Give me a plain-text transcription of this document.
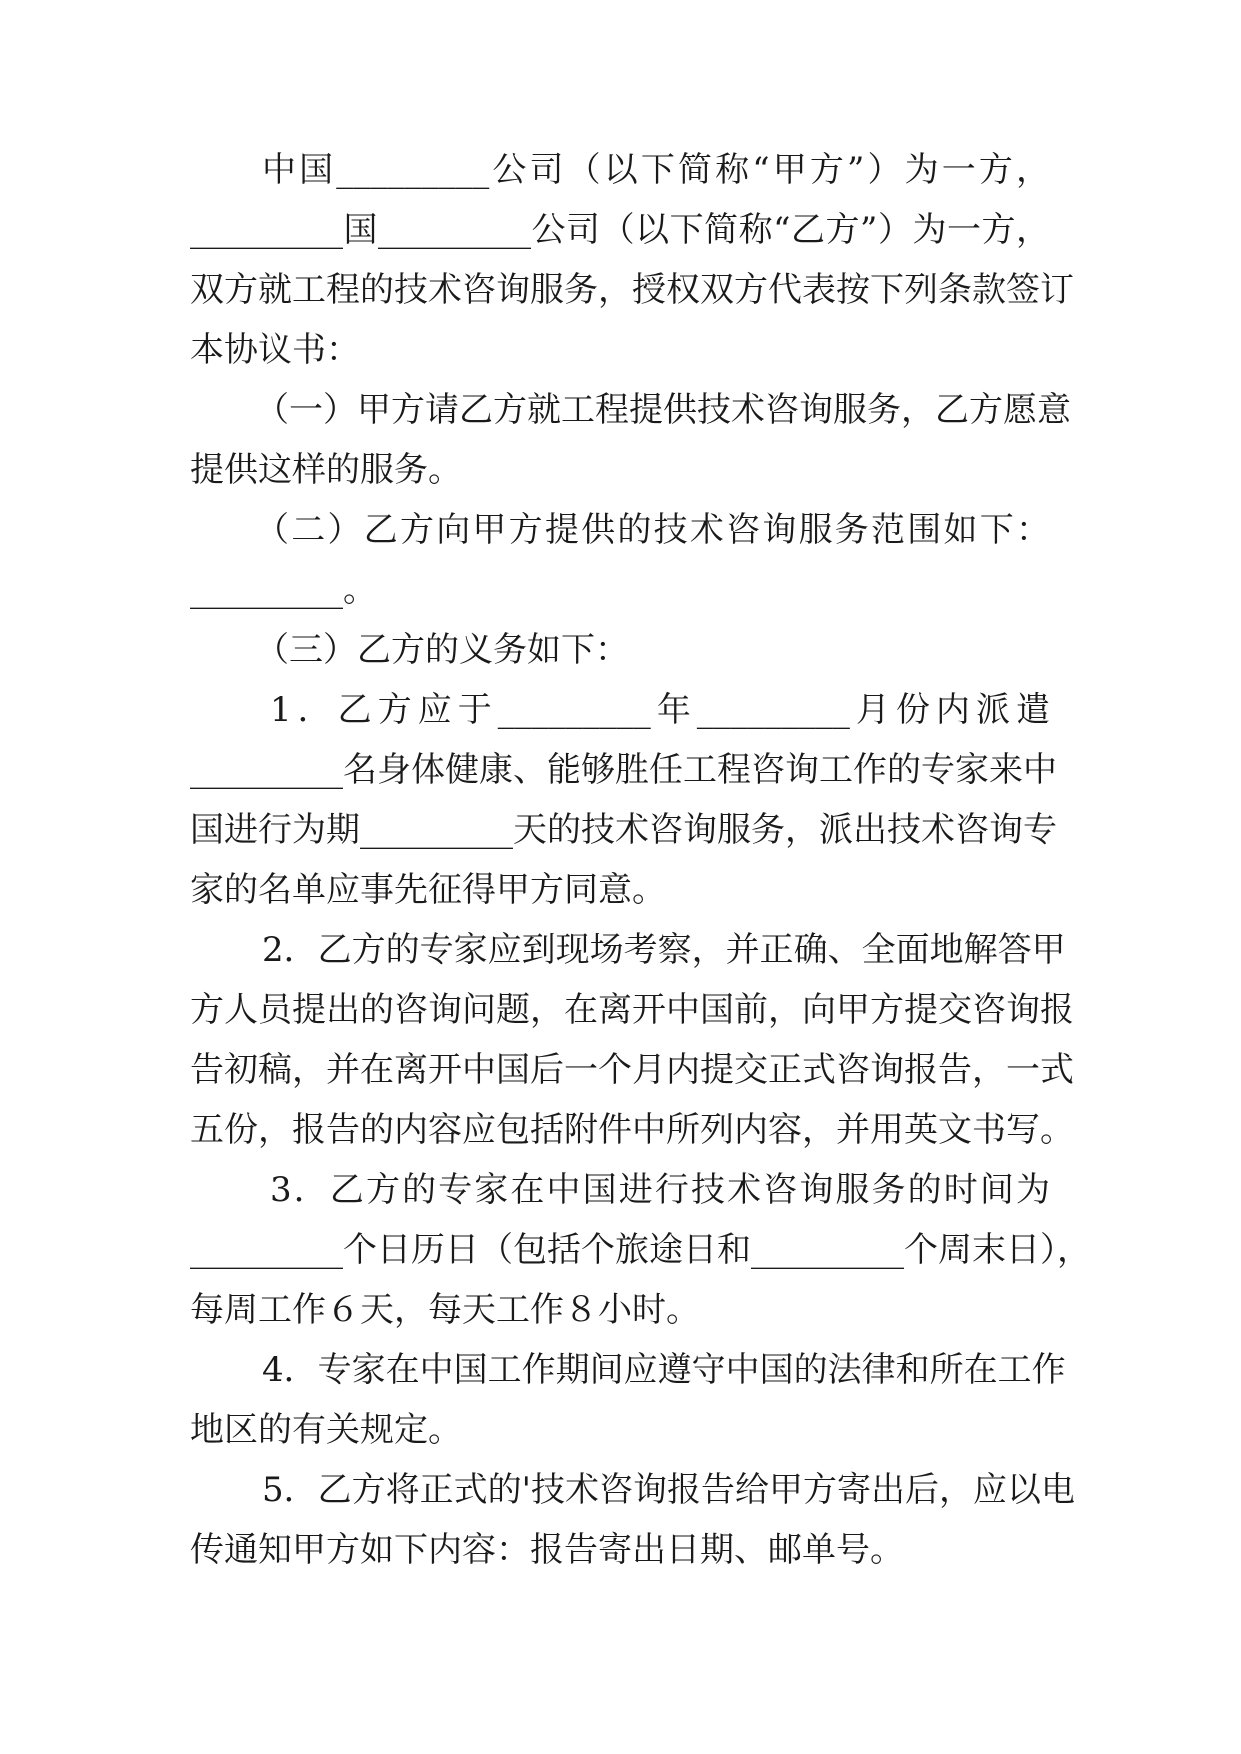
中国_________公司（以下简称“甲方”）为一方，
_________国_________公司（以下简称“乙方”）为一方，
双方就工程的技术咨询服务，授权双方代表按下列条款签订
本协议书：
（一）甲方请乙方就工程提供技术咨询服务，乙方愿意
提供这样的服务。
（二）乙方向甲方提供的技术咨询服务范围如下：
_________。
（三）乙方的义务如下：
1．乙方应于_________年_________月份内派遣
_________名身体健康、能够胜任工程咨询工作的专家来中
国进行为期_________天的技术咨询服务，派出技术咨询专
家的名单应事先征得甲方同意。
2．乙方的专家应到现场考察，并正确、全面地解答甲
方人员提出的咨询问题，在离开中国前，向甲方提交咨询报
告初稿，并在离开中国后一个月内提交正式咨询报告，一式
五份，报告的内容应包括附件中所列内容，并用英文书写。
3．乙方的专家在中国进行技术咨询服务的时间为
_________个日历日（包括个旅途日和_________个周末日），
每周工作６天，每天工作８小时。
4．专家在中国工作期间应遵守中国的法律和所在工作
地区的有关规定。
5．乙方将正式的'技术咨询报告给甲方寄出后，应以电
传通知甲方如下内容：报告寄出日期、邮单号。
